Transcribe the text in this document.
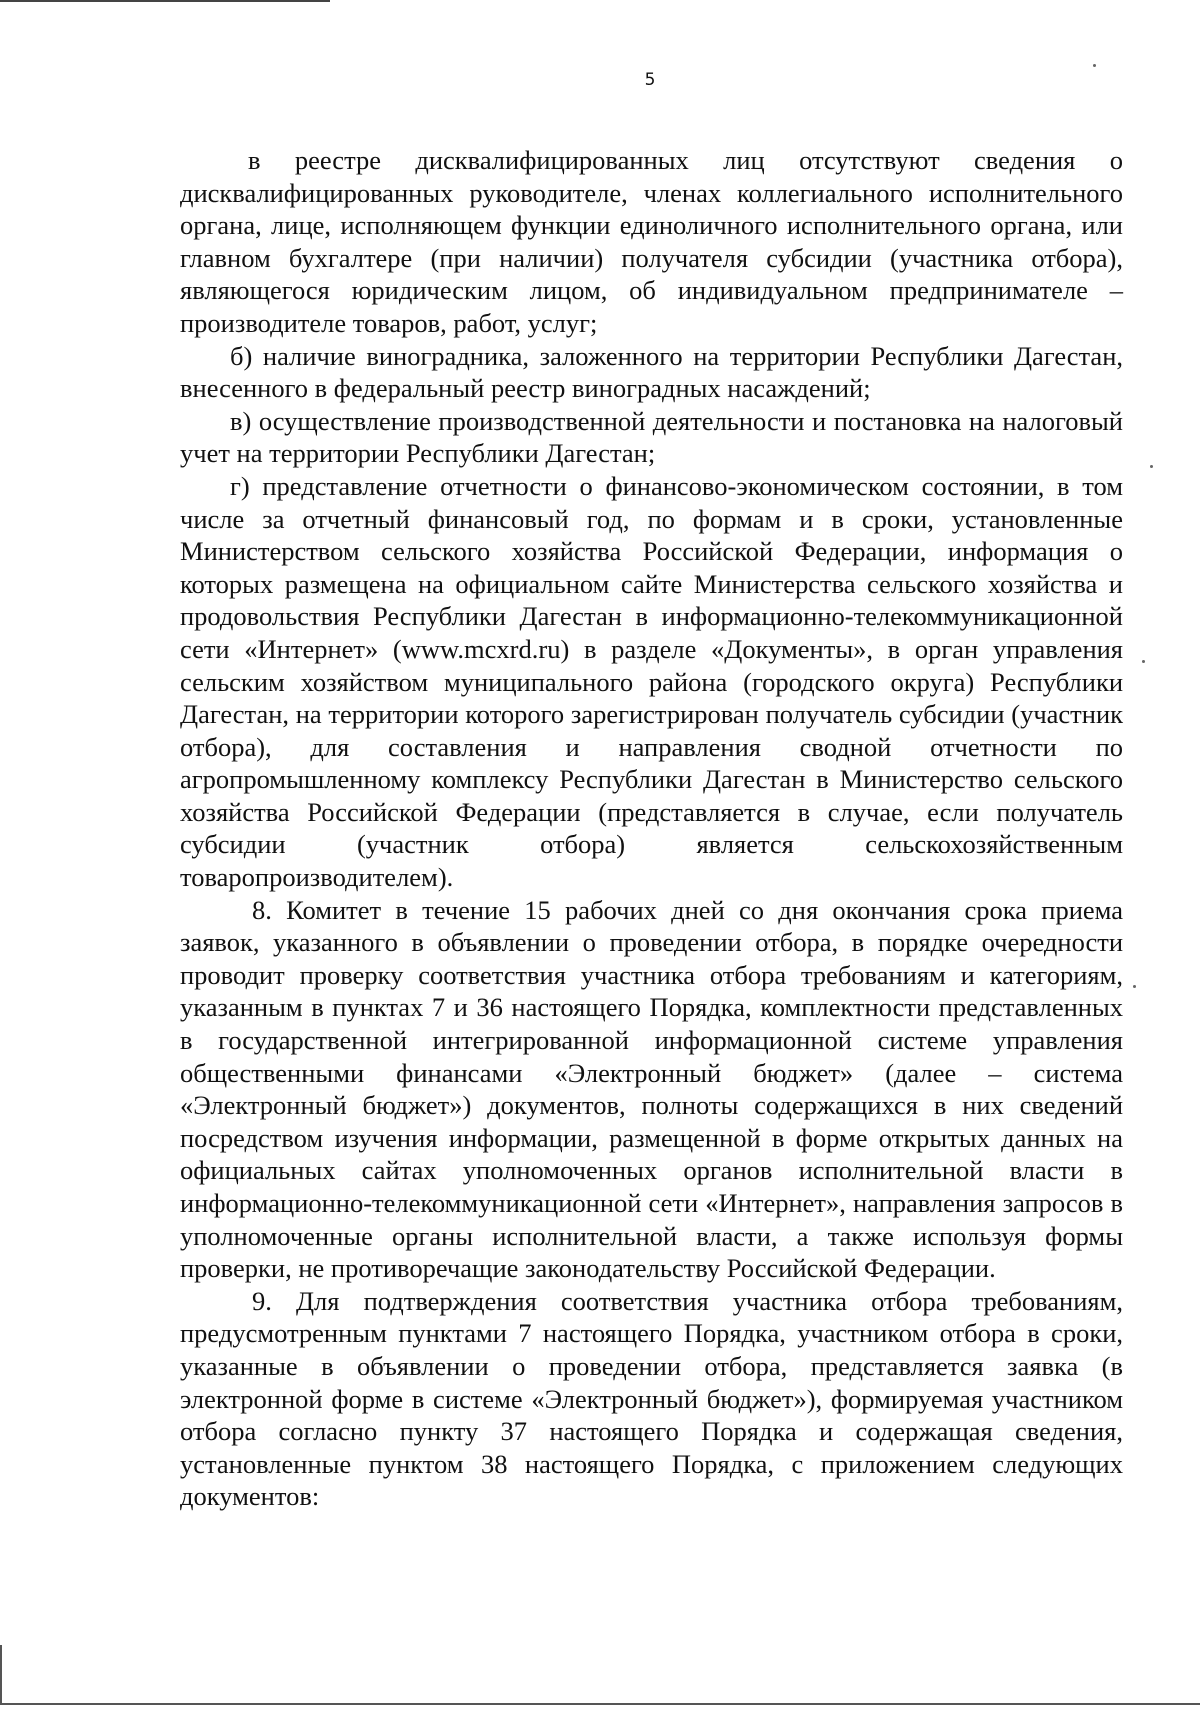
5

в реестре дисквалифицированных лиц отсутствуют сведения о дисквалифицированных руководителе, членах коллегиального исполнительного органа, лице, исполняющем функции единоличного исполнительного органа, или главном бухгалтере (при наличии) получателя субсидии (участника отбора), являющегося юридическим лицом, об индивидуальном предпринимателе – производителе товаров, работ, услуг;

б) наличие виноградника, заложенного на территории Республики Дагестан, внесенного в федеральный реестр виноградных насаждений;

в) осуществление производственной деятельности и постановка на налоговый учет на территории Республики Дагестан;

г) представление отчетности о финансово-экономическом состоянии, в том числе за отчетный финансовый год, по формам и в сроки, установленные Министерством сельского хозяйства Российской Федерации, информация о которых размещена на официальном сайте Министерства сельского хозяйства и продовольствия Республики Дагестан в информационно-телекоммуникационной сети «Интернет» (www.mcxrd.ru) в разделе «Документы», в орган управления сельским хозяйством муниципального района (городского округа) Республики Дагестан, на территории которого зарегистрирован получатель субсидии (участник отбора), для составления и направления сводной отчетности по агропромышленному комплексу Республики Дагестан в Министерство сельского хозяйства Российской Федерации (представляется в случае, если получатель субсидии (участник отбора) является сельскохозяйственным товаропроизводителем).

8. Комитет в течение 15 рабочих дней со дня окончания срока приема заявок, указанного в объявлении о проведении отбора, в порядке очередности проводит проверку соответствия участника отбора требованиям и категориям, указанным в пунктах 7 и 36 настоящего Порядка, комплектности представленных в государственной интегрированной информационной системе управления общественными финансами «Электронный бюджет» (далее – система «Электронный бюджет») документов, полноты содержащихся в них сведений посредством изучения информации, размещенной в форме открытых данных на официальных сайтах уполномоченных органов исполнительной власти в информационно-телекоммуникационной сети «Интернет», направления запросов в уполномоченные органы исполнительной власти, а также используя формы проверки, не противоречащие законодательству Российской Федерации.

9. Для подтверждения соответствия участника отбора требованиям, предусмотренным пунктами 7 настоящего Порядка, участником отбора в сроки, указанные в объявлении о проведении отбора, представляется заявка (в электронной форме в системе «Электронный бюджет»), формируемая участником отбора согласно пункту 37 настоящего Порядка и содержащая сведения, установленные пунктом 38 настоящего Порядка, с приложением следующих документов:
